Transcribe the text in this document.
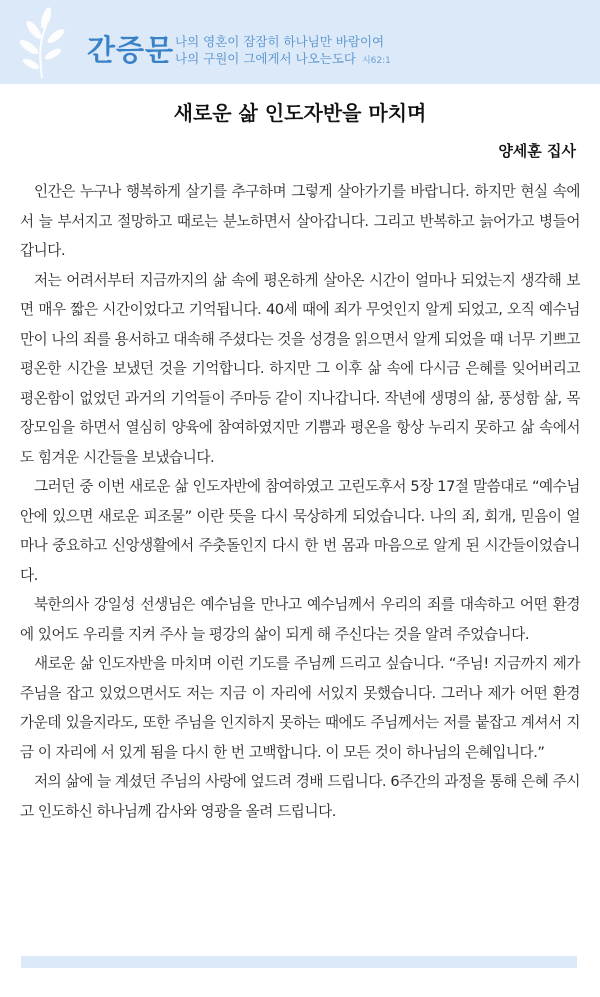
간증문 나의 영혼이 잠잠히 하나님만 바람이여
나의 구원이 그에게서 나오는도다 시62:1
새로운 삶 인도자반을 마치며
양세훈 집사

인간은 누구나 행복하게 살기를 추구하며 그렇게 살아가기를 바랍니다. 하지만 현실 속에서 늘 부서지고 절망하고 때로는 분노하면서 살아갑니다. 그리고 반복하고 늙어가고 병들어갑니다.

저는 어려서부터 지금까지의 삶 속에 평온하게 살아온 시간이 얼마나 되었는지 생각해 보면 매우 짧은 시간이었다고 기억됩니다. 40세 때에 죄가 무엇인지 알게 되었고, 오직 예수님만이 나의 죄를 용서하고 대속해 주셨다는 것을 성경을 읽으면서 알게 되었을 때 너무 기쁘고 평온한 시간을 보냈던 것을 기억합니다. 하지만 그 이후 삶 속에 다시금 은혜를 잊어버리고 평온함이 없었던 과거의 기억들이 주마등 같이 지나갑니다. 작년에 생명의 삶, 풍성함 삶, 목장모임을 하면서 열심히 양육에 참여하였지만 기쁨과 평온을 항상 누리지 못하고 삶 속에서도 힘겨운 시간들을 보냈습니다.

그러던 중 이번 새로운 삶 인도자반에 참여하였고 고린도후서 5장 17절 말씀대로 “예수님 안에 있으면 새로운 피조물” 이란 뜻을 다시 묵상하게 되었습니다. 나의 죄, 회개, 믿음이 얼마나 중요하고 신앙생활에서 주춧돌인지 다시 한 번 몸과 마음으로 알게 된 시간들이었습니다.

북한의사 강일성 선생님은 예수님을 만나고 예수님께서 우리의 죄를 대속하고 어떤 환경에 있어도 우리를 지켜 주사 늘 평강의 삶이 되게 해 주신다는 것을 알려 주었습니다.

새로운 삶 인도자반을 마치며 이런 기도를 주님께 드리고 싶습니다. “주님! 지금까지 제가 주님을 잡고 있었으면서도 저는 지금 이 자리에 서있지 못했습니다. 그러나 제가 어떤 환경 가운데 있을지라도, 또한 주님을 인지하지 못하는 때에도 주님께서는 저를 붙잡고 계셔서 지금 이 자리에 서 있게 됨을 다시 한 번 고백합니다. 이 모든 것이 하나님의 은혜입니다.”

저의 삶에 늘 계셨던 주님의 사랑에 엎드려 경배 드립니다. 6주간의 과정을 통해 은혜 주시고 인도하신 하나님께 감사와 영광을 올려 드립니다.
